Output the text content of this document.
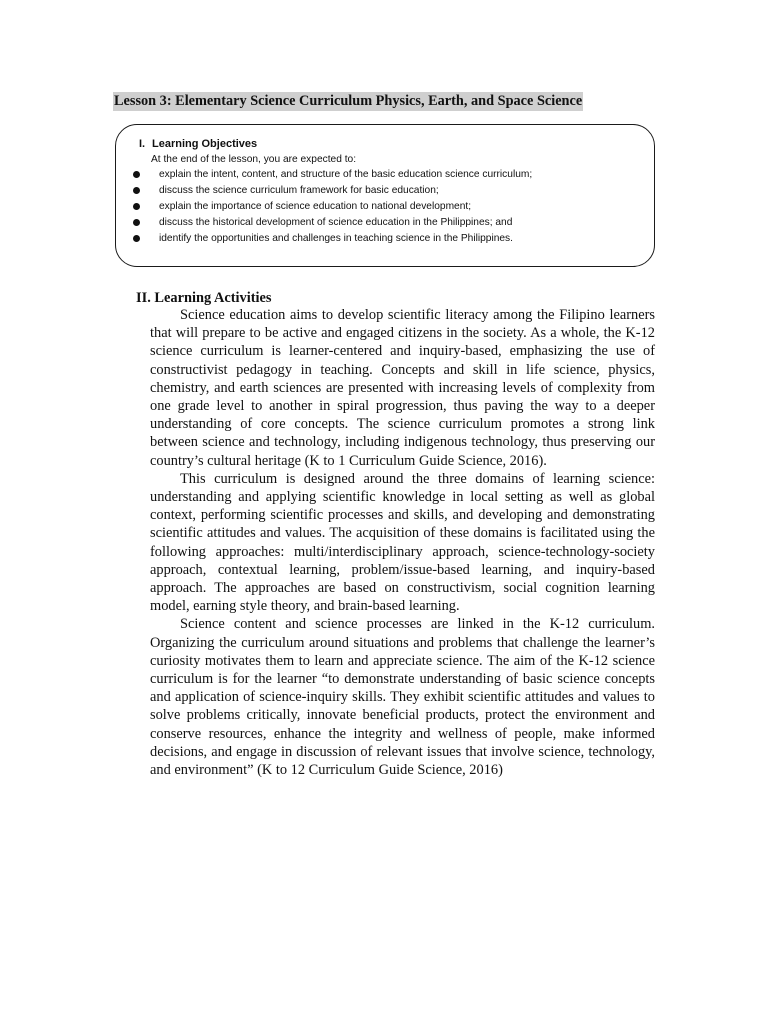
Lesson 3: Elementary Science Curriculum Physics, Earth, and Space Science

I. Learning Objectives

At the end of the lesson, you are expected to:

explain the intent, content, and structure of the basic education science curriculum;
discuss the science curriculum framework for basic education;
explain the importance of science education to national development;
discuss the historical development of science education in the Philippines; and
identify the opportunities and challenges in teaching science in the Philippines.
II. Learning Activities

Science education aims to develop scientific literacy among the Filipino learners that will prepare to be active and engaged citizens in the society. As a whole, the K-12 science curriculum is learner-centered and inquiry-based, emphasizing the use of constructivist pedagogy in teaching. Concepts and skill in life science, physics, chemistry, and earth sciences are presented with increasing levels of complexity from one grade level to another in spiral progression, thus paving the way to a deeper understanding of core concepts. The science curriculum promotes a strong link between science and technology, including indigenous technology, thus preserving our country’s cultural heritage (K to 1 Curriculum Guide Science, 2016).

This curriculum is designed around the three domains of learning science: understanding and applying scientific knowledge in local setting as well as global context, performing scientific processes and skills, and developing and demonstrating scientific attitudes and values. The acquisition of these domains is facilitated using the following approaches: multi/interdisciplinary approach, science-technology-society approach, contextual learning, problem/issue-based learning, and inquiry-based approach. The approaches are based on constructivism, social cognition learning model, earning style theory, and brain-based learning.

Science content and science processes are linked in the K-12 curriculum. Organizing the curriculum around situations and problems that challenge the learner’s curiosity motivates them to learn and appreciate science. The aim of the K-12 science curriculum is for the learner “to demonstrate understanding of basic science concepts and application of science-inquiry skills. They exhibit scientific attitudes and values to solve problems critically, innovate beneficial products, protect the environment and conserve resources, enhance the integrity and wellness of people, make informed decisions, and engage in discussion of relevant issues that involve science, technology, and environment” (K to 12 Curriculum Guide Science, 2016)
